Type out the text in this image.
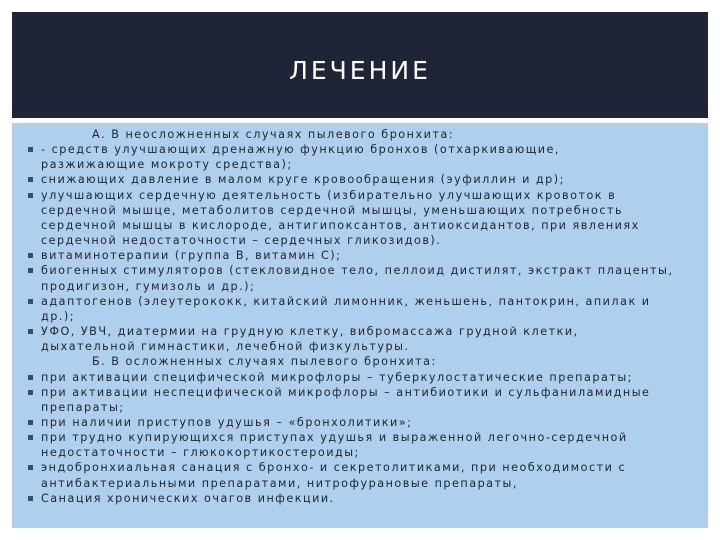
ЛЕЧЕНИЕ
А. В неосложненных случаях пылевого бронхита:
- средств улучшающих дренажную функцию бронхов (отхаркивающие,
разжижающие мокроту средства);
снижающих давление в малом круге кровообращения (эуфиллин и др);
улучшающих сердечную деятельность (избирательно улучшающих кровоток в
сердечной мышце, метаболитов сердечной мышцы, уменьшающих потребность
сердечной мышцы в кислороде, антигипоксантов, антиоксидантов, при явлениях
сердечной недостаточности – сердечных гликозидов).
витаминотерапии (группа В, витамин С);
биогенных стимуляторов (стекловидное тело, пеллоид дистилят, экстракт плаценты,
продигизон, гумизоль и др.);
адаптогенов (элеутерококк, китайский лимонник, женьшень, пантокрин, апилак и
др.);
УФО, УВЧ, диатермии на грудную клетку, вибромассажа грудной клетки,
дыхательной гимнастики, лечебной физкультуры.
Б. В осложненных случаях пылевого бронхита:
при активации специфической микрофлоры – туберкулостатические препараты;
при активации неспецифической микрофлоры – антибиотики и сульфаниламидные
препараты;
при наличии приступов удушья – «бронхолитики»;
при трудно купирующихся приступах удушья и выраженной легочно-сердечной
недостаточности – глюкокортикостероиды;
эндобронхиальная санация с бронхо- и секретолитиками, при необходимости с
антибактериальными препаратами, нитрофурановые препараты,
Санация хронических очагов инфекции.
